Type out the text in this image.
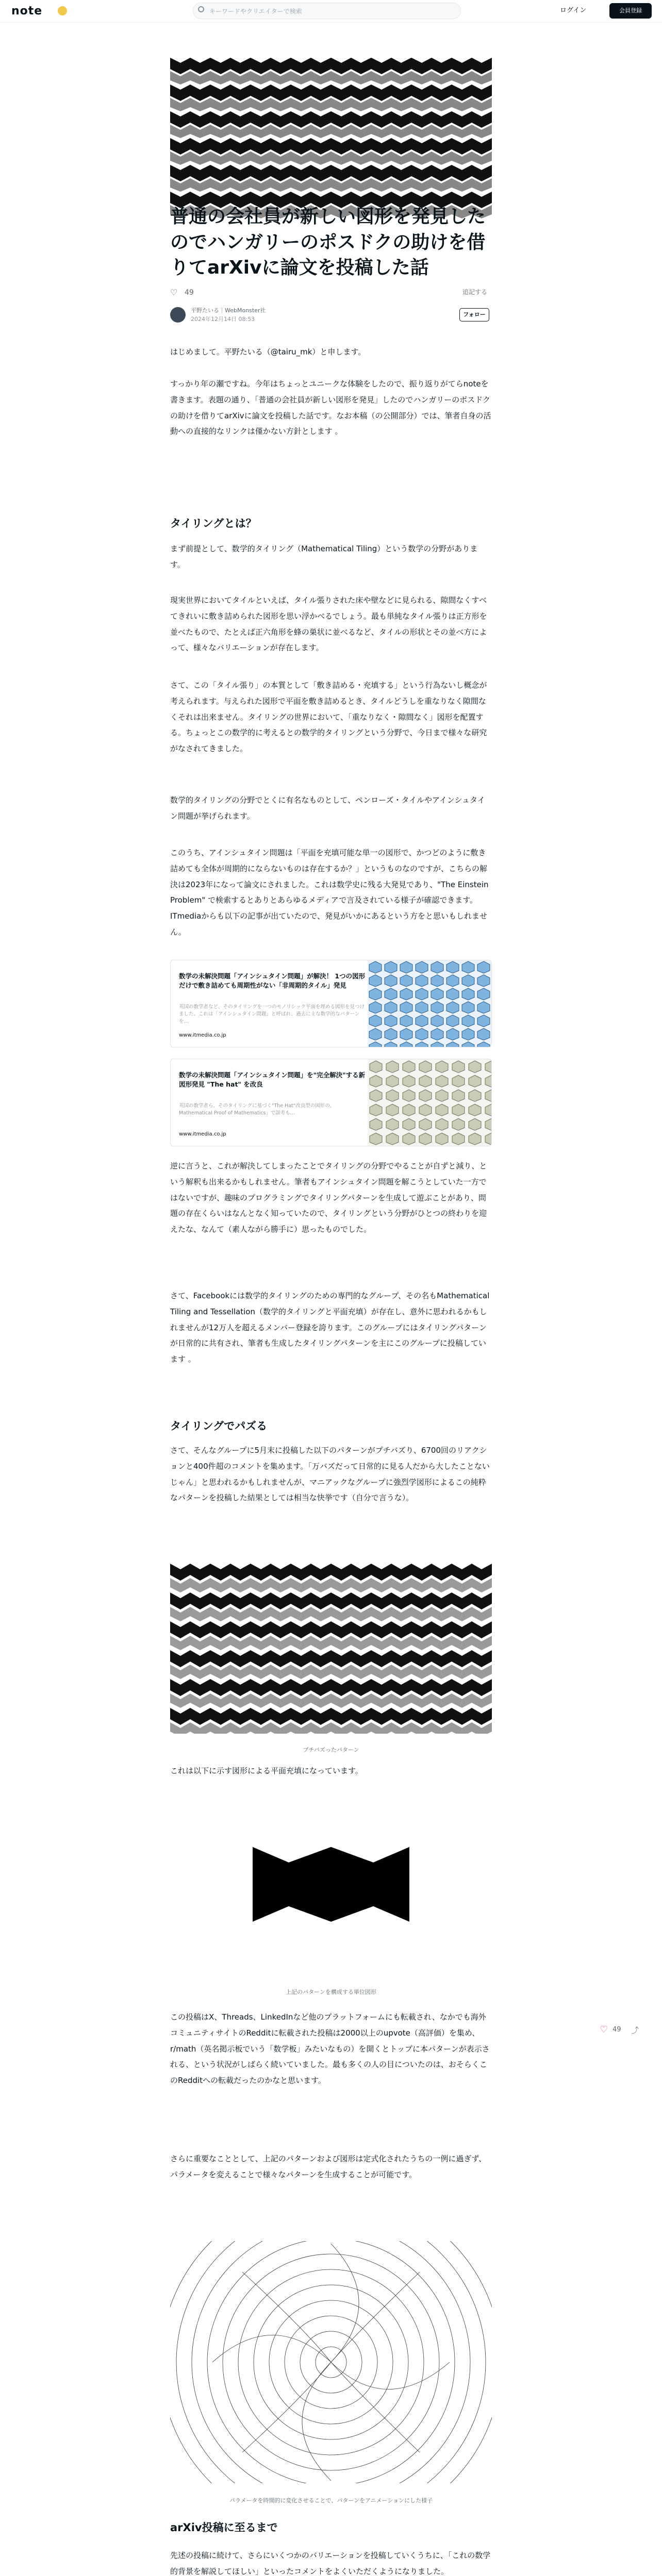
note	キーワードやクリエイターで検索	ログイン	会員登録
普通の会社員が新しい図形を発見したのでハンガリーのポスドクの助けを借りてarXivに論文を投稿した話
♡ 49	追記する
平野たいる｜WebMonster社
2024年12月14日 08:53
フォロー
はじめまして。平野たいる（@tairu_mk）と申します。
すっかり年の瀬ですね。今年はちょっとユニークな体験をしたので、振り返りがてらnoteを書きます。表題の通り、「普通の会社員が新しい図形を発見」したのでハンガリーのポスドクの助けを借りてarXivに論文を投稿した話です。なお本稿（の公開部分）では、筆者自身の活動への直接的なリンクは僅かない方針とします 。
タイリングとは？
まず前提として、数学的タイリング（Mathematical Tiling）という数学の分野があります。
現実世界においてタイルといえば、タイル張りされた床や壁などに見られる、隙間なくすべてきれいに敷き詰められた図形を思い浮かべるでしょう。最も単純なタイル張りは正方形を並べたもので、たとえば正六角形を蜂の巣状に並べるなど、タイルの形状とその並べ方によって、様々なバリエーションが存在します。
さて、この「タイル張り」の本質として「敷き詰める・充填する」という行為ないし概念が考えられます。与えられた図形で平面を敷き詰めるとき、タイルどうしを重なりなく隙間なくそれは出来ません。タイリングの世界において、「重なりなく・隙間なく」図形を配置する。ちょっとこの数学的に考えるとの数学的タイリングという分野で、今日まで様々な研究がなされてきました。
数学的タイリングの分野でとくに有名なものとして、ペンローズ・タイルやアインシュタイン問題が挙げられます。
このうち、アインシュタイン問題は「平面を充填可能な単一の図形で、かつどのように敷き詰めても全体が周期的にならないものは存在するか？」というものなのですが、こちらの解決は2023年になって論文にされました。これは数学史に残る大発見であり、"The Einstein Problem" で検索するとありとあらゆるメディアで言及されている様子が確認できます。ITmediaからも以下の記事が出ていたので、発見がいかにあるという方をと思いもしれません。
数学の未解決問題「アインシュタイン問題」が解決！ 1つの図形だけで敷き詰めても周期性がない「非周期的タイル」発見
英国の数学者など、そのタイリングを一つのモノリシック平面を埋める図形を見つけました。これは「アインシュタイン問題」と呼ばれ、過去に主な数学的なパターンを…
www.itmedia.co.jp
数学の未解決問題「アインシュタイン問題」を"完全解決"する新図形発見 "The hat" を改良
英国の数学者ら、そのタイリングに基づく"The Hat"改良型の図形の、 Mathematical Proof of Mathematics」で誤差も…
www.itmedia.co.jp
逆に言うと、これが解決してしまったことでタイリングの分野でやることが自ずと減り、という解釈も出来るかもしれません。筆者もアインシュタイン問題を解こうとしていた一方ではないですが、趣味のプログラミングでタイリングパターンを生成して遊ぶことがあり、問題の存在くらいはなんとなく知っていたので、タイリングという分野がひとつの終わりを迎えたな、なんて（素人ながら勝手に）思ったものでした。
さて、Facebookには数学的タイリングのための専門的なグループ、その名もMathematical Tiling and Tessellation（数学的タイリングと平面充填）が存在し、意外に思われるかもしれませんが12万人を超えるメンバー登録を誇ります。このグループにはタイリングパターンが日常的に共有され、筆者も生成したタイリングパターンを主にこのグループに投稿しています 。
タイリングでパズる
さて、そんなグループに5月末に投稿した以下のパターンがプチバズり、6700回のリアクションと400件超のコメントを集めます。「万バズだって日常的に見る人だから大したことないじゃん」と思われるかもしれませんが、マニアックなグループに強烈学図形によるこの純粋なパターンを投稿した結果としては相当な快挙です（自分で言うな）。
プチバズったパターン
これは以下に示す図形による平面充填になっています。
上記のパターンを構成する単位図形
この投稿はX、Threads、LinkedInなど他のプラットフォームにも転載され、なかでも海外コミュニティサイトのRedditに転載された投稿は2000以上のupvote（高評価）を集め、r/math（英名掲示板でいう「数学板」みたいなもの）を開くとトップに本パターンが表示される、という状況がしばらく続いていました。最も多くの人の目についたのは、おそらくこのRedditへの転載だったのかなと思います。
さらに重要なこととして、上記のパターンおよび図形は定式化されたうちの一例に過ぎず、パラメータを変えることで様々なパターンを生成することが可能です。
パラメータを時間的に変化させることで、パターンをアニメーションにした様子
arXiv投稿に至るまで
先述の投稿に続けて、さらにいくつかのバリエーションを投稿していくうちに、「これの数学的背景を解説してほしい」といったコメントをよくいただくようになりました。
♡ 49 ⤴
